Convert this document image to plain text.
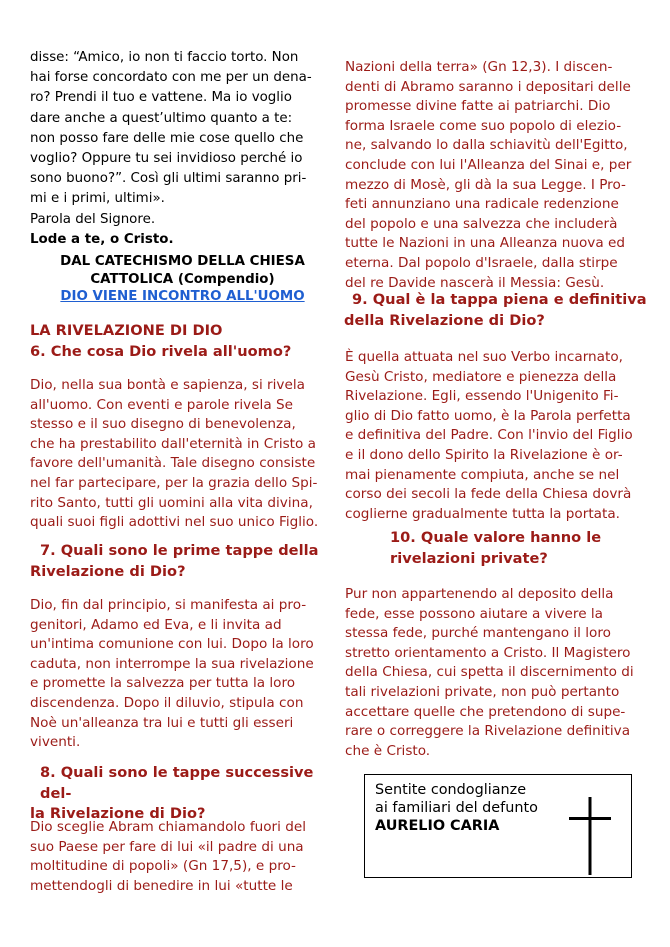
disse: “Amico, io non ti faccio torto. Non
hai forse concordato con me per un dena-
ro? Prendi il tuo e vattene. Ma io voglio
dare anche a quest’ultimo quanto a te:
non posso fare delle mie cose quello che
voglio? Oppure tu sei invidioso perché io
sono buono?”. Così gli ultimi saranno pri-
mi e i primi, ultimi».
Parola del Signore.
Lode a te, o Cristo.
DAL CATECHISMO DELLA CHIESA
CATTOLICA (Compendio)
DIO VIENE INCONTRO ALL'UOMO
LA RIVELAZIONE DI DIO
6. Che cosa Dio rivela all'uomo?
Dio, nella sua bontà e sapienza, si rivela
all'uomo. Con eventi e parole rivela Se
stesso e il suo disegno di benevolenza,
che ha prestabilito dall'eternità in Cristo a
favore dell'umanità. Tale disegno consiste
nel far partecipare, per la grazia dello Spi-
rito Santo, tutti gli uomini alla vita divina,
quali suoi figli adottivi nel suo unico Figlio.
7. Quali sono le prime tappe della
Rivelazione di Dio?
Dio, fin dal principio, si manifesta ai pro-
genitori, Adamo ed Eva, e li invita ad
un'intima comunione con lui. Dopo la loro
caduta, non interrompe la sua rivelazione
e promette la salvezza per tutta la loro
discendenza. Dopo il diluvio, stipula con
Noè un'alleanza tra lui e tutti gli esseri
viventi.
8. Quali sono le tappe successive del-
la Rivelazione di Dio?
Dio sceglie Abram chiamandolo fuori del
suo Paese per fare di lui «il padre di una
moltitudine di popoli» (Gn 17,5), e pro-
mettendogli di benedire in lui «tutte le
Nazioni della terra» (Gn 12,3). I discen-
denti di Abramo saranno i depositari delle
promesse divine fatte ai patriarchi. Dio
forma Israele come suo popolo di elezio-
ne, salvando lo dalla schiavitù dell'Egitto,
conclude con lui l'Alleanza del Sinai e, per
mezzo di Mosè, gli dà la sua Legge. I Pro-
feti annunziano una radicale redenzione
del popolo e una salvezza che includerà
tutte le Nazioni in una Alleanza nuova ed
eterna. Dal popolo d'Israele, dalla stirpe
del re Davide nascerà il Messia: Gesù.
9. Qual è la tappa piena e definitiva
della Rivelazione di Dio?
È quella attuata nel suo Verbo incarnato,
Gesù Cristo, mediatore e pienezza della
Rivelazione. Egli, essendo l'Unigenito Fi-
glio di Dio fatto uomo, è la Parola perfetta
e definitiva del Padre. Con l'invio del Figlio
e il dono dello Spirito la Rivelazione è or-
mai pienamente compiuta, anche se nel
corso dei secoli la fede della Chiesa dovrà
coglierne gradualmente tutta la portata.
10. Quale valore hanno le
rivelazioni private?
Pur non appartenendo al deposito della
fede, esse possono aiutare a vivere la
stessa fede, purché mantengano il loro
stretto orientamento a Cristo. Il Magistero
della Chiesa, cui spetta il discernimento di
tali rivelazioni private, non può pertanto
accettare quelle che pretendono di supe-
rare o correggere la Rivelazione definitiva
che è Cristo.
Sentite condoglianze
ai familiari del defunto
AURELIO CARIA
